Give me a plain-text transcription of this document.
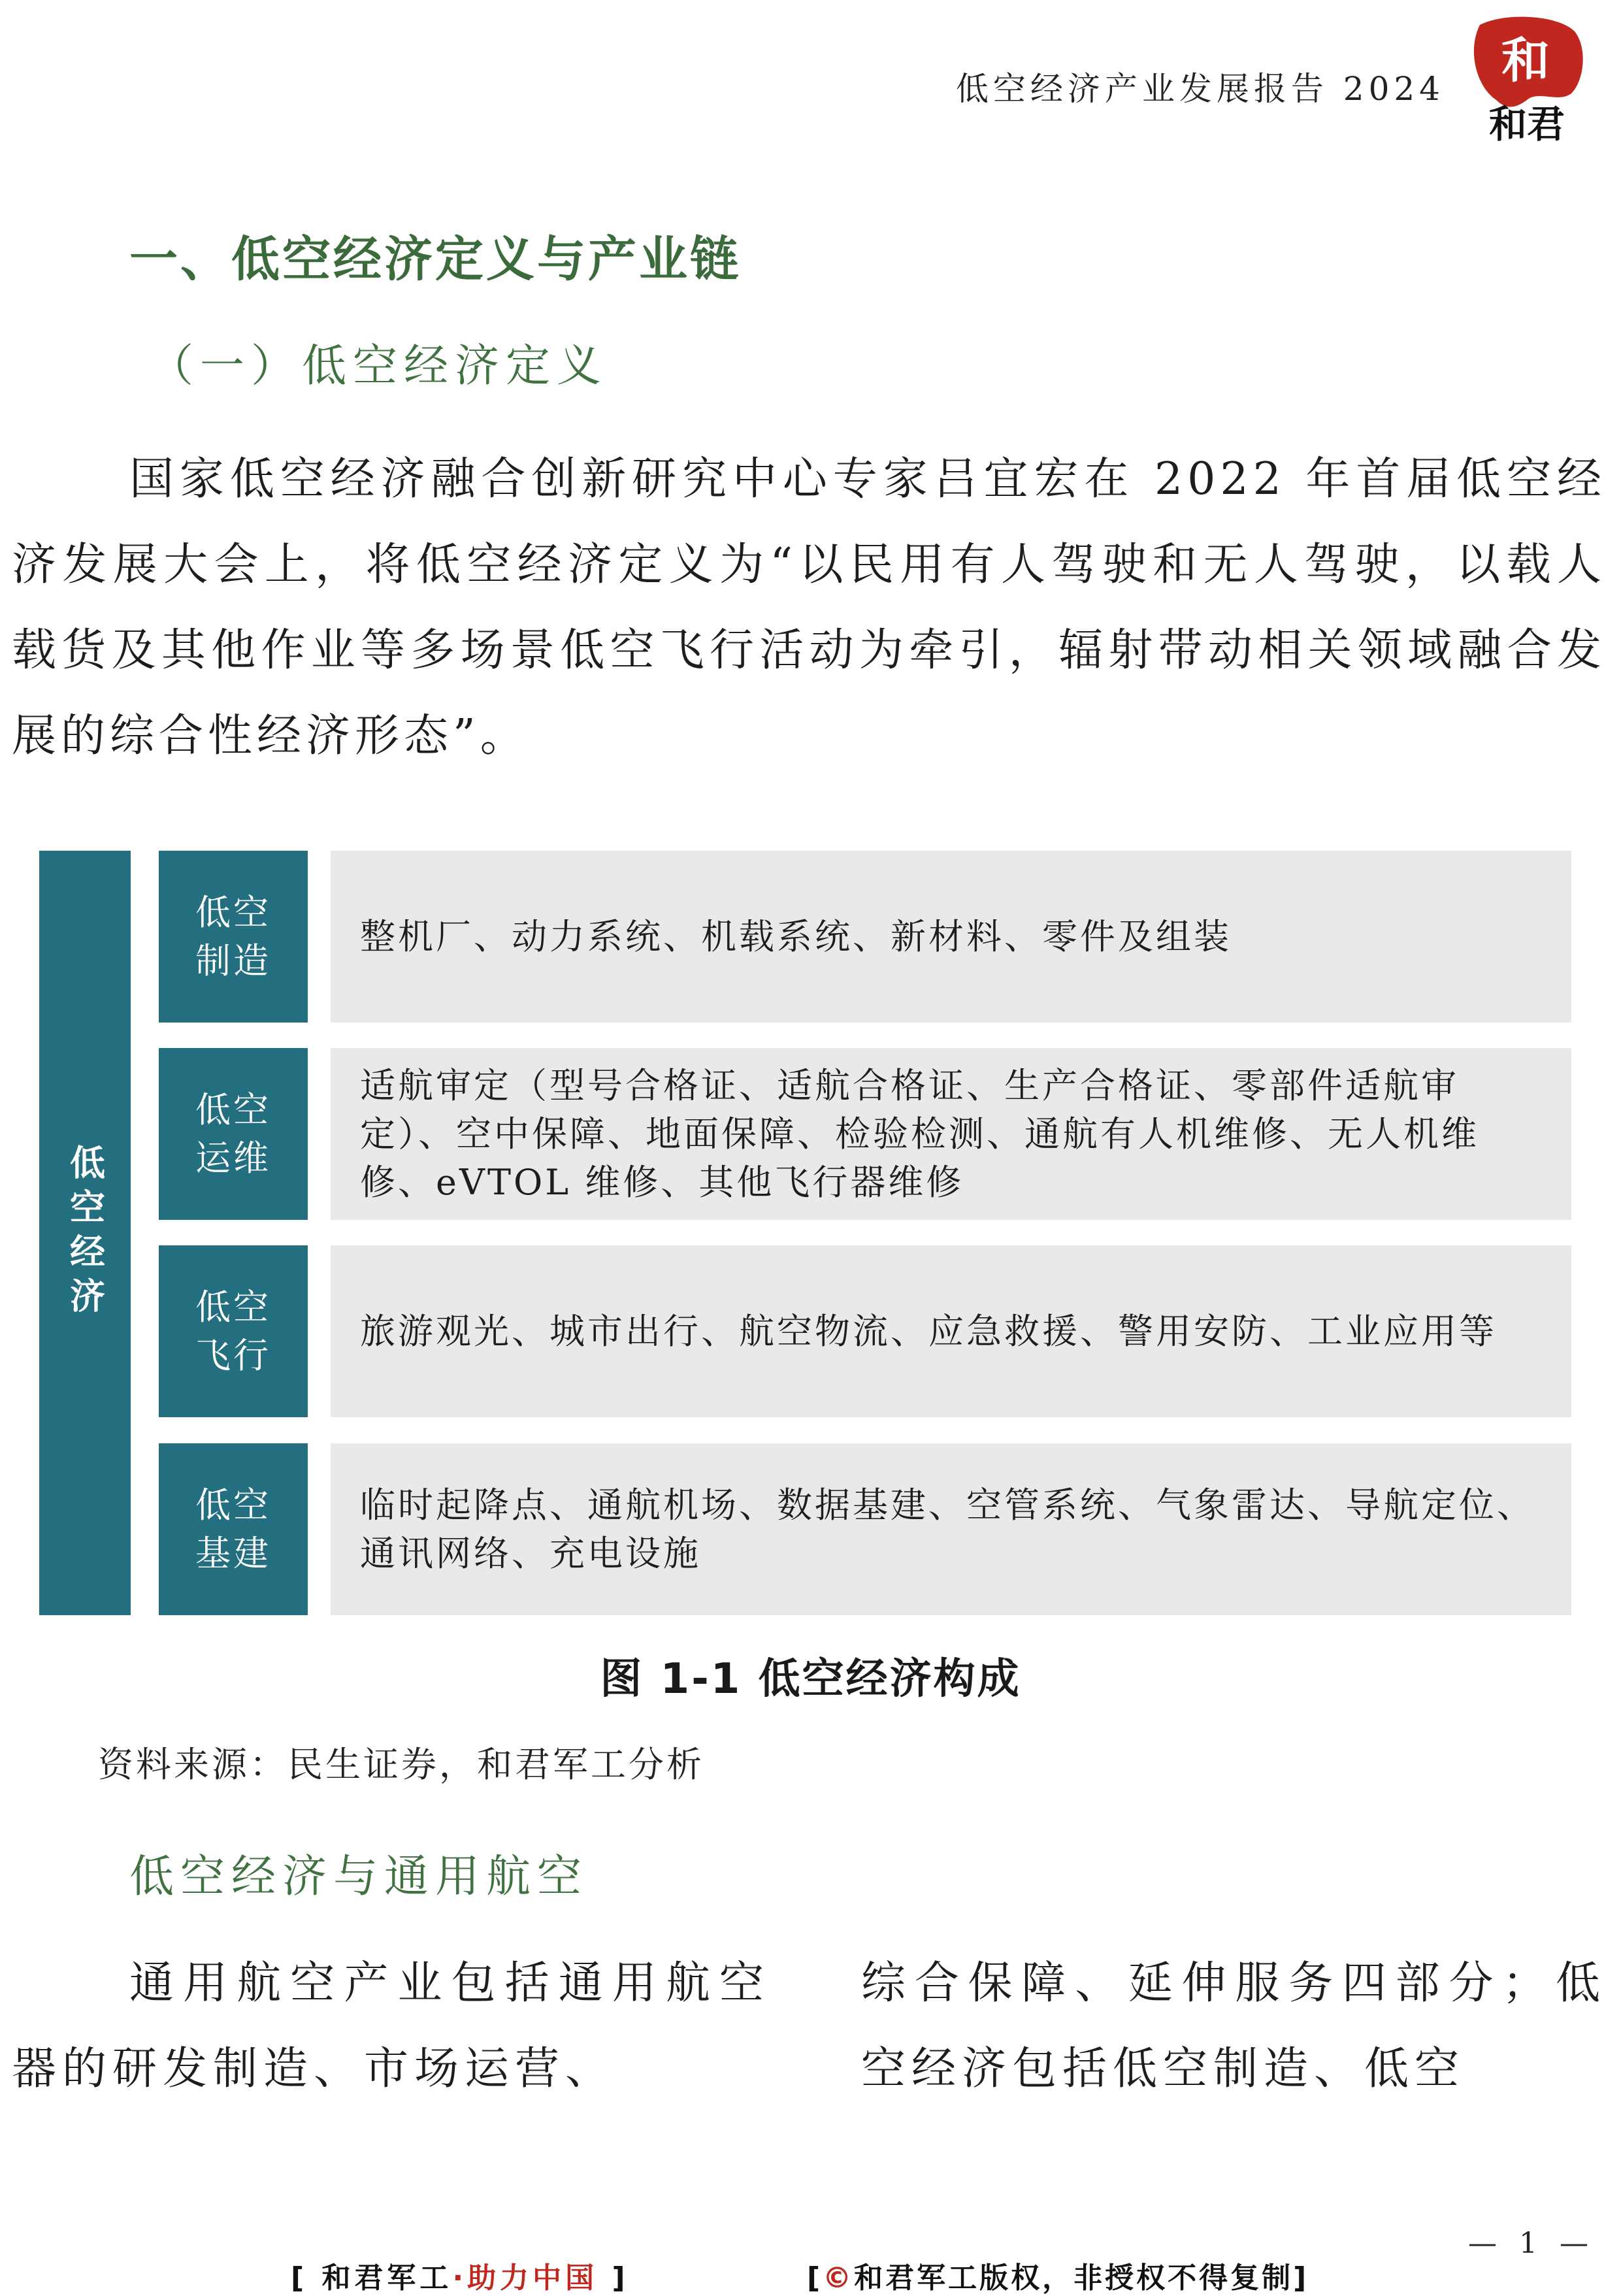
低空经济产业发展报告 2024 和
和君
一、低空经济定义与产业链
（一）低空经济定义
国家低空经济融合创新研究中心专家吕宜宏在 2022 年首届低空经济发展大会上，将低空经济定义为“以民用有人驾驶和无人驾驶，以载人载货及其他作业等多场景低空飞行活动为牵引，辐射带动相关领域融合发展的综合性经济形态”。
低空经济
低空制造
整机厂、动力系统、机载系统、新材料、零件及组装
低空运维
适航审定（型号合格证、适航合格证、生产合格证、零部件适航审定）、空中保障、地面保障、检验检测、通航有人机维修、无人机维修、eVTOL 维修、其他飞行器维修
低空飞行
旅游观光、城市出行、航空物流、应急救援、警用安防、工业应用等
低空基建
临时起降点、通航机场、数据基建、空管系统、气象雷达、导航定位、通讯网络、充电设施
图 1-1 低空经济构成
资料来源：民生证券，和君军工分析
低空经济与通用航空
通用航空产业包括通用航空器的研发制造、市场运营、
综合保障、延伸服务四部分；低空经济包括低空制造、低空
— 1 —
[ 和君军工·助力中国 ]	[©和君军工版权，非授权不得复制]
